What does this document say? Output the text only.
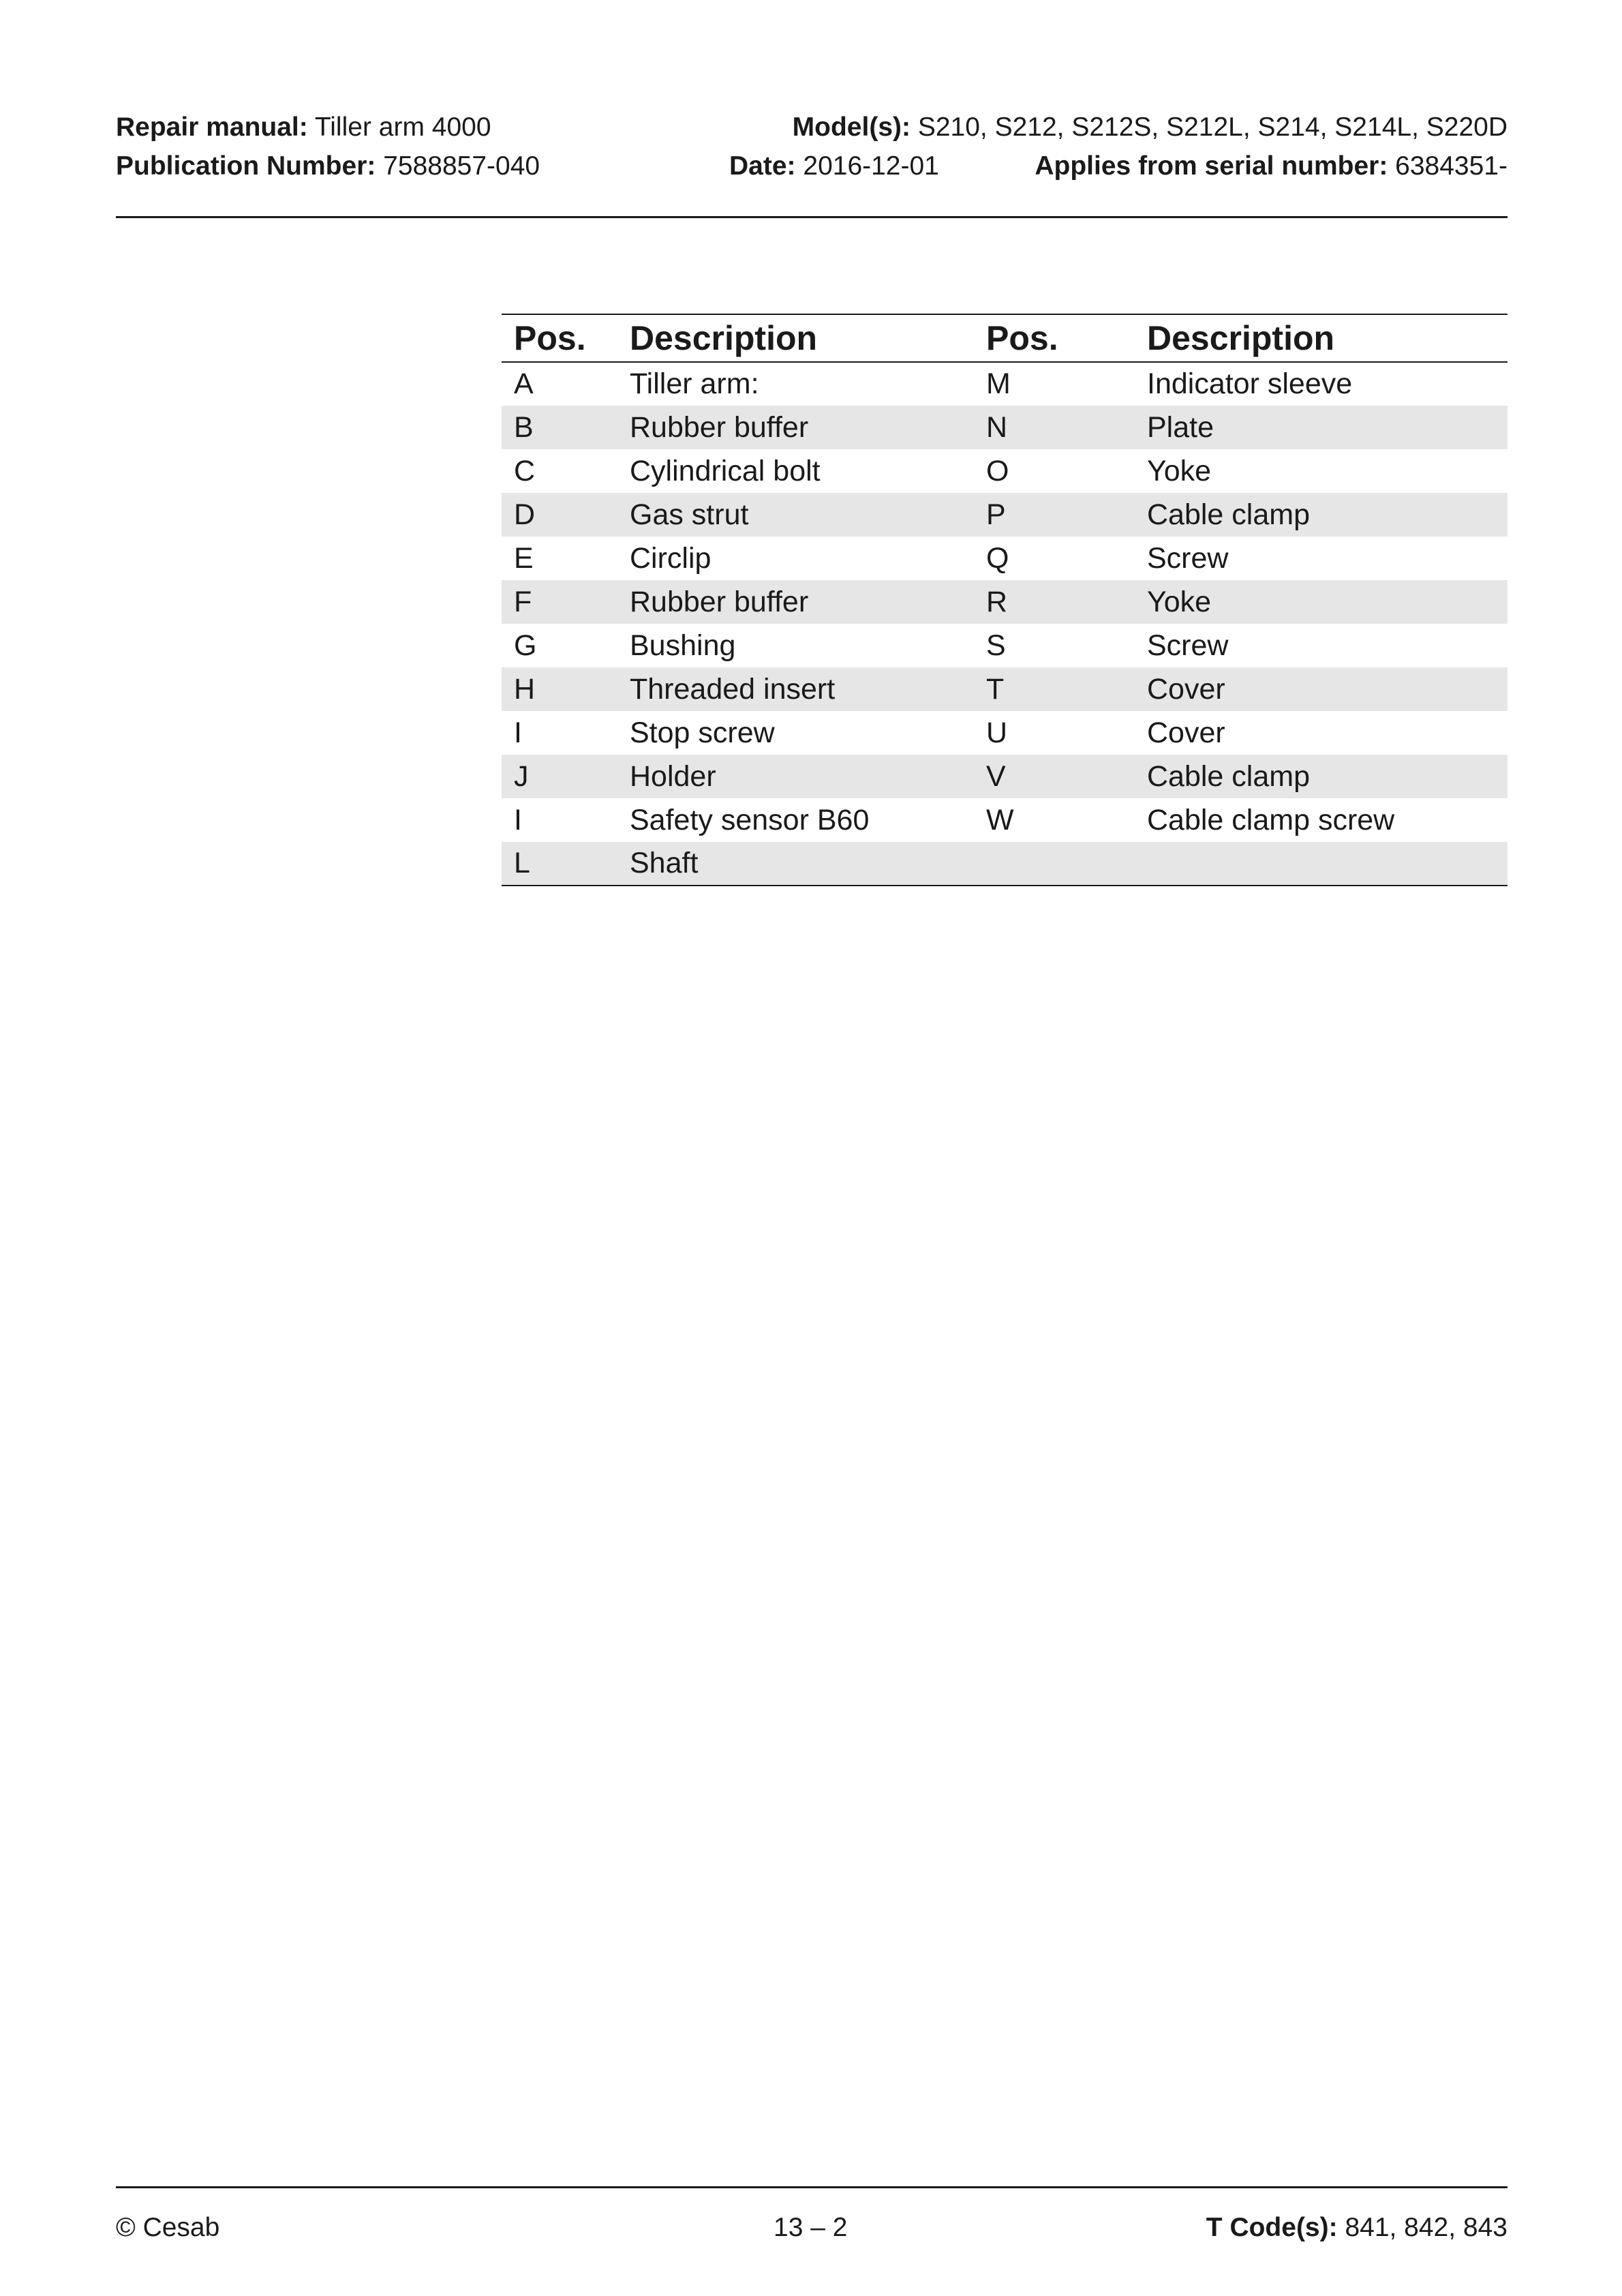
Repair manual: Tiller arm 4000	Model(s): S210, S212, S212S, S212L, S214, S214L, S220D
Publication Number: 7588857-040	Date: 2016-12-01	Applies from serial number: 6384351-
Pos.	Description	Pos.	Description
A	Tiller arm:	M	Indicator sleeve
B	Rubber buffer	N	Plate
C	Cylindrical bolt	O	Yoke
D	Gas strut	P	Cable clamp
E	Circlip	Q	Screw
F	Rubber buffer	R	Yoke
G	Bushing	S	Screw
H	Threaded insert	T	Cover
I	Stop screw	U	Cover
J	Holder	V	Cable clamp
I	Safety sensor B60	W	Cable clamp screw
L	Shaft		
© Cesab	13 – 2	T Code(s): 841, 842, 843
